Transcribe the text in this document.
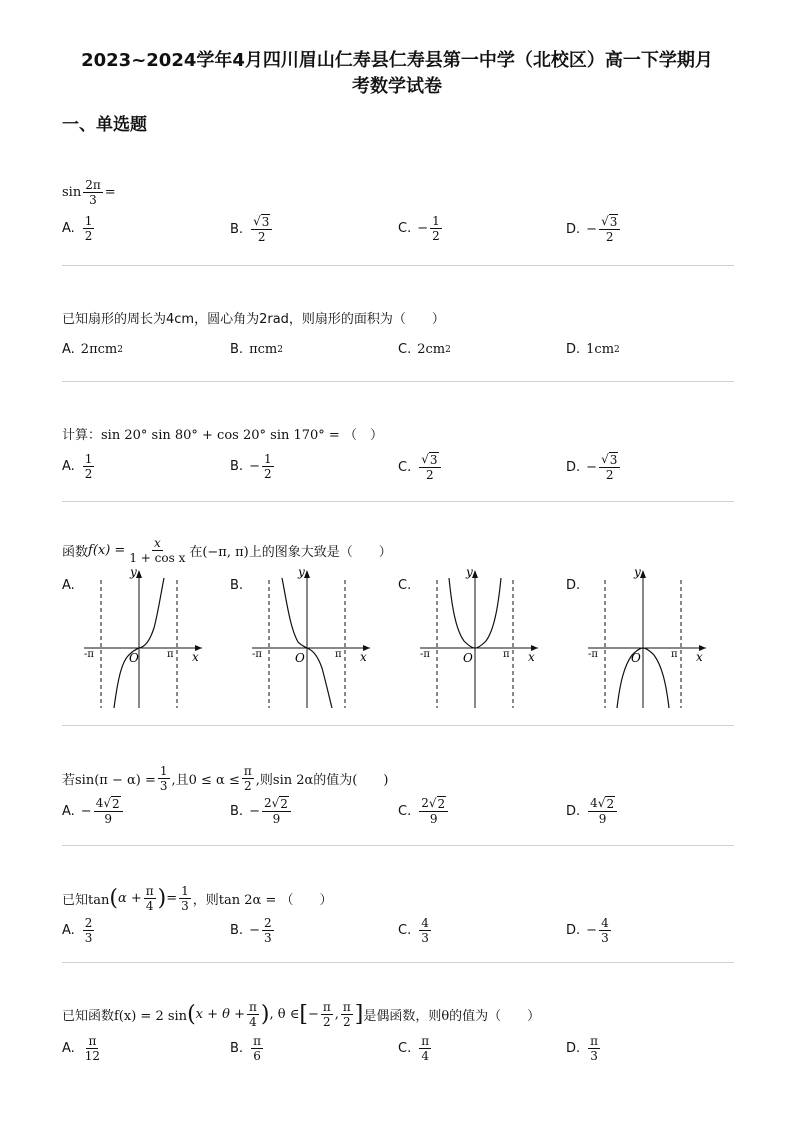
2023~2024学年4月四川眉山仁寿县仁寿县第一中学（北校区）高一下学期月
考数学试卷
一、单选题
$\sin \frac{2\pi}{3}$ =
A. $\frac{1}{2}$	B. $\frac{√ 3}{2}$	C. − $\frac{1}{2}$	D. − $\frac{√ 3}{2}$
已知扇形的周长为4cm，圆心角为2rad，则扇形的面积为（　　）
A. 2πcm 2	B. πcm 2	C. 2cm 2	D. 1cm 2
计算： sin 20° sin 80° + cos 20° sin 170° = （　）
A. $\frac{1}{2}$	B. − $\frac{1}{2}$	C. $\frac{√ 3}{2}$	D. − $\frac{√ 3}{2}$
函数 $f(x) = \frac{x}{\text{1 + cos x}}$ 在(−π, π)上的图象大致是（　　）
A.	B.	C.	D.
y
x
O
-π	π
y
x
O
-π	π
y
x
O
-π	π
y
x
O
-π	π
若$\sin(\pi - \alpha) = \frac{1}{3}$ ,且$0 \le \alpha \le \frac{\pi}{2}$ ,则sin 2α的值为(　　)
A. − $\frac{4 √ 2}{9}$	B. − $\frac{2 √ 2}{9}$	C. $\frac{2 √ 2}{9}$	D. $\frac{4 √ 2}{9}$
已知tan ( $\alpha + \frac{\pi}{4}$ ) = $\frac{1}{3}$ ，则tan 2α = （　　）
A. $\frac{2}{3}$	B. − $\frac{2}{3}$	C. $\frac{4}{3}$	D. − $\frac{4}{3}$
已知函数f(x) = 2 sin ( $x + \theta + \frac{\pi}{4}$ ) , θ ∈ [ − $\frac{\pi}{2}$ , $\frac{\pi}{2}$ ] 是偶函数，则θ的值为（　　）
A. $\frac{\pi}{12}$	B. $\frac{\pi}{6}$	C. $\frac{\pi}{4}$	D. $\frac{\pi}{3}$
